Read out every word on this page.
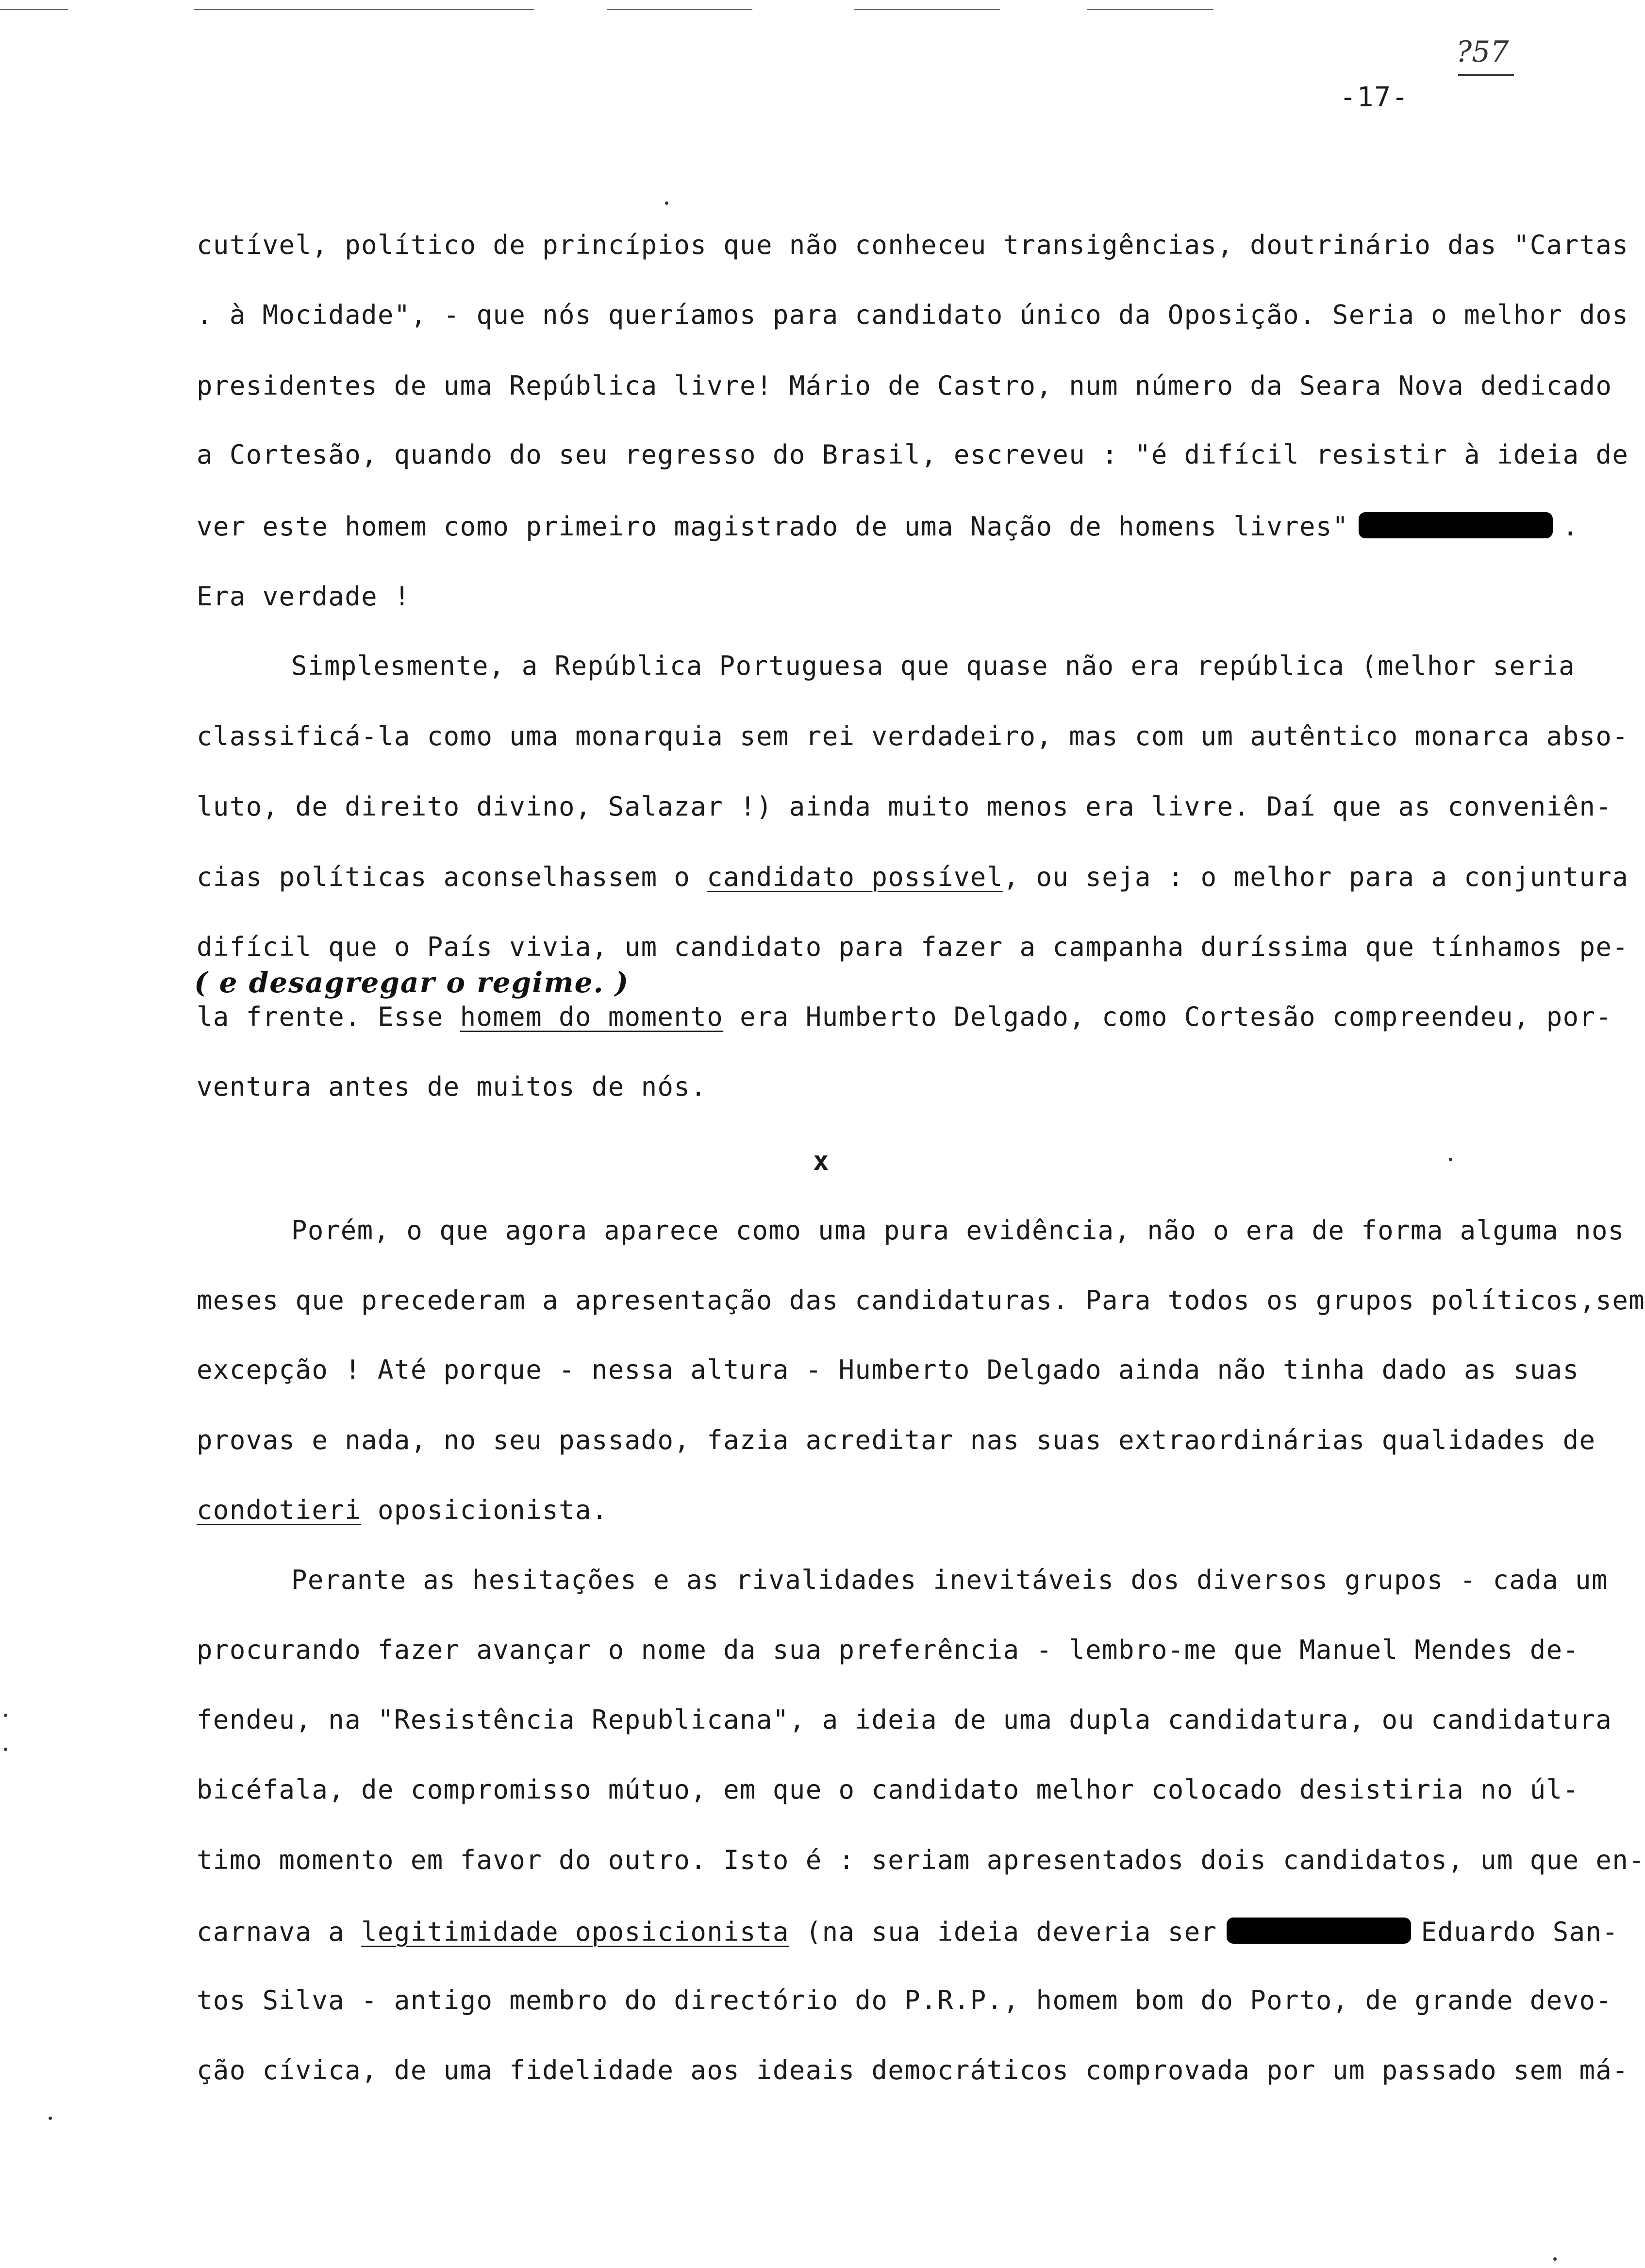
?57
-17-
cutível, político de princípios que não conheceu transigências, doutrinário das "Cartas
. à Mocidade", - que nós queríamos para candidato único da Oposição. Seria o melhor dos
presidentes de uma República livre! Mário de Castro, num número da Seara Nova dedicado
a Cortesão, quando do seu regresso do Brasil, escreveu : "é difícil resistir à ideia de
ver este homem como primeiro magistrado de uma Nação de homens livres"	.
Era verdade !
Simplesmente, a República Portuguesa que quase não era república (melhor seria
classificá-la como uma monarquia sem rei verdadeiro, mas com um autêntico monarca abso-
luto, de direito divino, Salazar !) ainda muito menos era livre. Daí que as conveniên-
cias políticas aconselhassem o candidato possível, ou seja : o melhor para a conjuntura
difícil que o País vivia, um candidato para fazer a campanha duríssima que tínhamos pe-
( e desagregar o regime. )
la frente. Esse homem do momento era Humberto Delgado, como Cortesão compreendeu, por-
ventura antes de muitos de nós.
x
Porém, o que agora aparece como uma pura evidência, não o era de forma alguma nos
meses que precederam a apresentação das candidaturas. Para todos os grupos políticos,sem
excepção ! Até porque - nessa altura - Humberto Delgado ainda não tinha dado as suas
provas e nada, no seu passado, fazia acreditar nas suas extraordinárias qualidades de
condotieri oposicionista.
Perante as hesitações e as rivalidades inevitáveis dos diversos grupos - cada um
procurando fazer avançar o nome da sua preferência - lembro-me que Manuel Mendes de-
fendeu, na "Resistência Republicana", a ideia de uma dupla candidatura, ou candidatura
bicéfala, de compromisso mútuo, em que o candidato melhor colocado desistiria no úl-
timo momento em favor do outro. Isto é : seriam apresentados dois candidatos, um que en-
carnava a legitimidade oposicionista (na sua ideia deveria ser	Eduardo San-
tos Silva - antigo membro do directório do P.R.P., homem bom do Porto, de grande devo-
ção cívica, de uma fidelidade aos ideais democráticos comprovada por um passado sem má-
